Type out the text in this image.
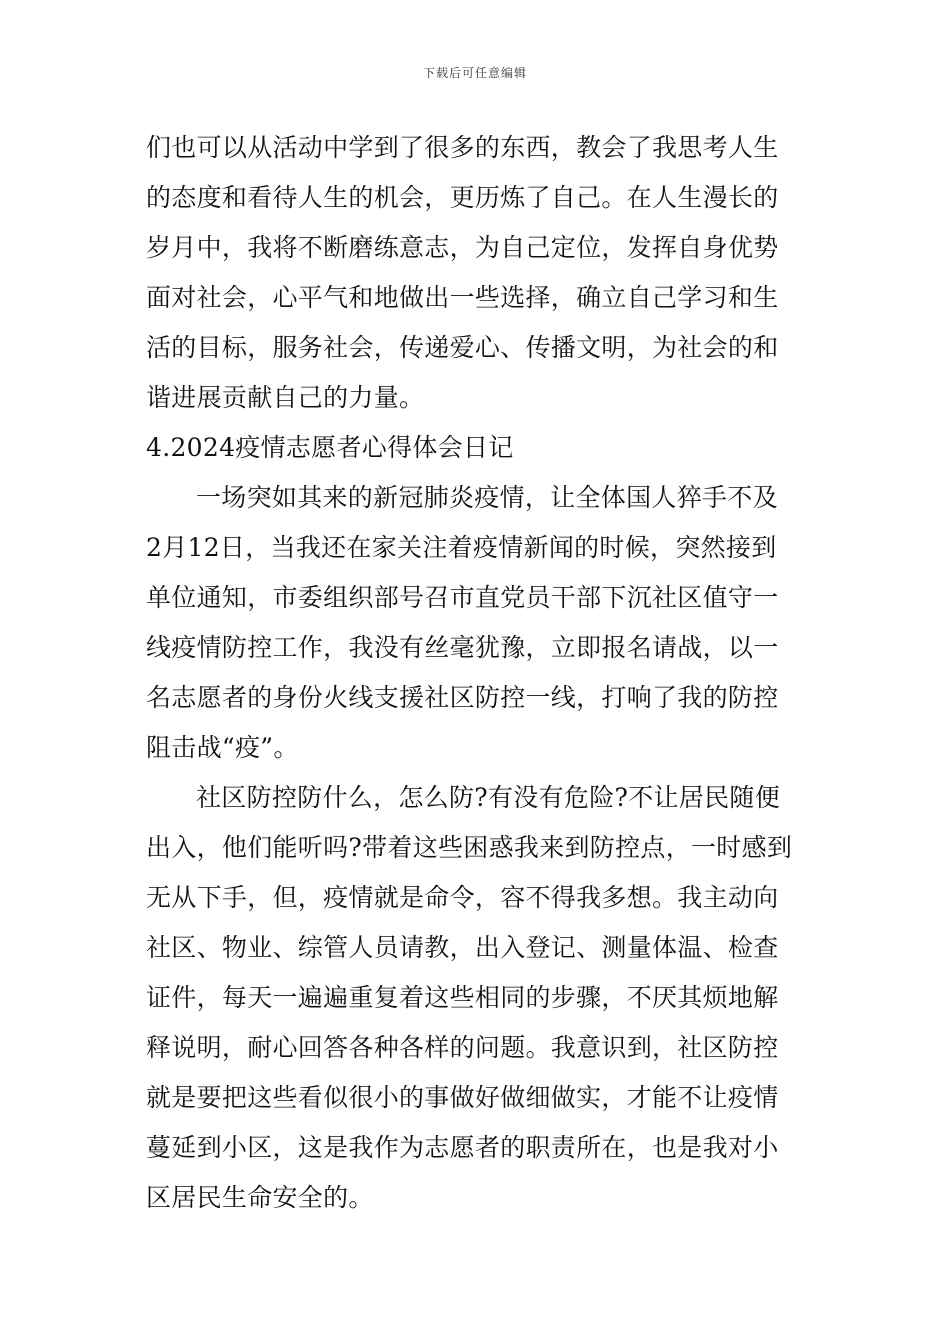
下载后可任意编辑
们也可以从活动中学到了很多的东西，教会了我思考人生
的态度和看待人生的机会，更历炼了自己。在人生漫长的
岁月中，我将不断磨练意志，为自己定位，发挥自身优势
面对社会，心平气和地做出一些选择，确立自己学习和生
活的目标，服务社会，传递爱心、传播文明，为社会的和
谐进展贡献自己的力量。
4.2024疫情志愿者心得体会日记
一场突如其来的新冠肺炎疫情，让全体国人猝手不及
2月12日，当我还在家关注着疫情新闻的时候，突然接到
单位通知，市委组织部号召市直党员干部下沉社区值守一
线疫情防控工作，我没有丝毫犹豫，立即报名请战，以一
名志愿者的身份火线支援社区防控一线，打响了我的防控
阻击战“疫”。
社区防控防什么，怎么防?有没有危险?不让居民随便
出入，他们能听吗?带着这些困惑我来到防控点，一时感到
无从下手，但，疫情就是命令，容不得我多想。我主动向
社区、物业、综管人员请教，出入登记、测量体温、检查
证件，每天一遍遍重复着这些相同的步骤，不厌其烦地解
释说明，耐心回答各种各样的问题。我意识到，社区防控
就是要把这些看似很小的事做好做细做实，才能不让疫情
蔓延到小区，这是我作为志愿者的职责所在，也是我对小
区居民生命安全的。
